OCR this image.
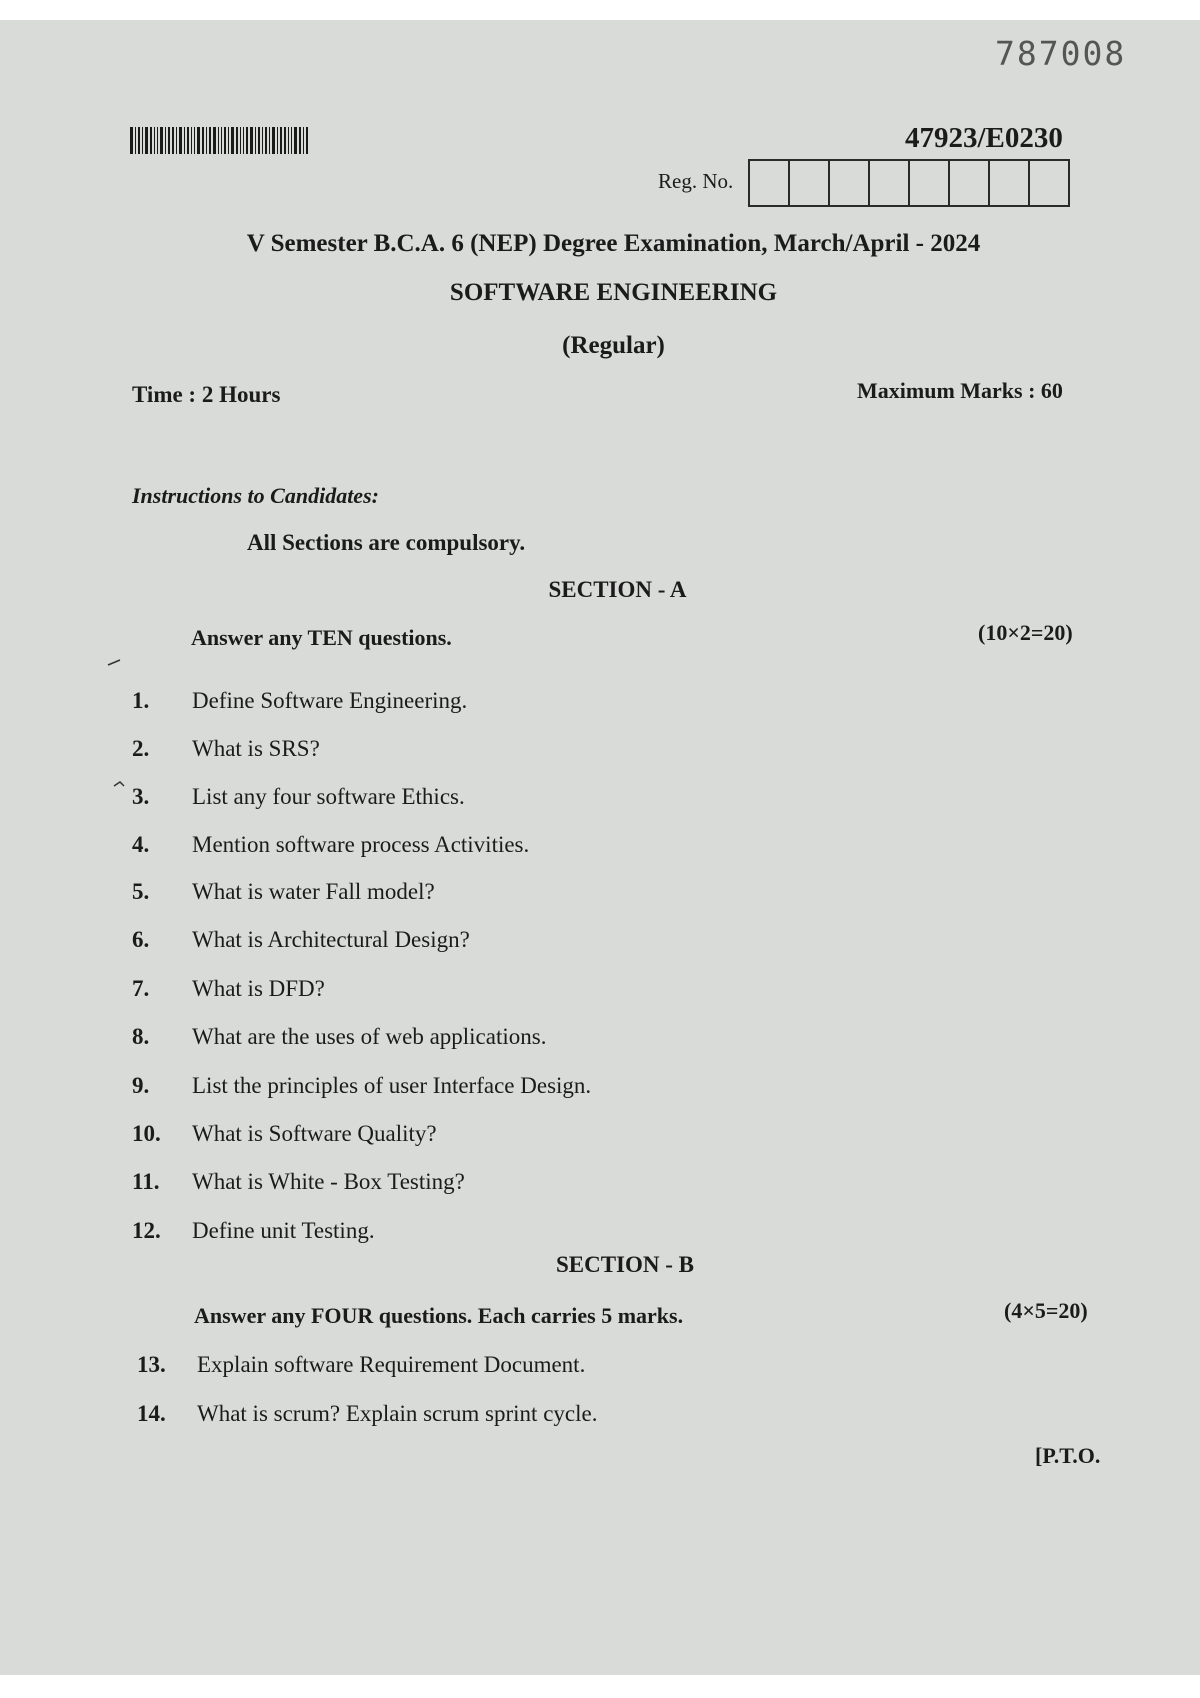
787008
47923/E0230
Reg. No.
V Semester B.C.A. 6 (NEP) Degree Examination, March/April - 2024
SOFTWARE ENGINEERING
(Regular)
Time : 2 Hours	Maximum Marks : 60
Instructions to Candidates:
All Sections are compulsory.
SECTION - A
Answer any TEN questions.	(10×2=20)
1.	Define Software Engineering.
2.	What is SRS?
3.	List any four software Ethics.
4.	Mention software process Activities.
5.	What is water Fall model?
6.	What is Architectural Design?
7.	What is DFD?
8.	What are the uses of web applications.
9.	List the principles of user Interface Design.
10.	What is Software Quality?
11.	What is White - Box Testing?
12.	Define unit Testing.
SECTION - B
Answer any FOUR questions. Each carries 5 marks.	(4×5=20)
13.	Explain software Requirement Document.
14.	What is scrum? Explain scrum sprint cycle.
[P.T.O.
